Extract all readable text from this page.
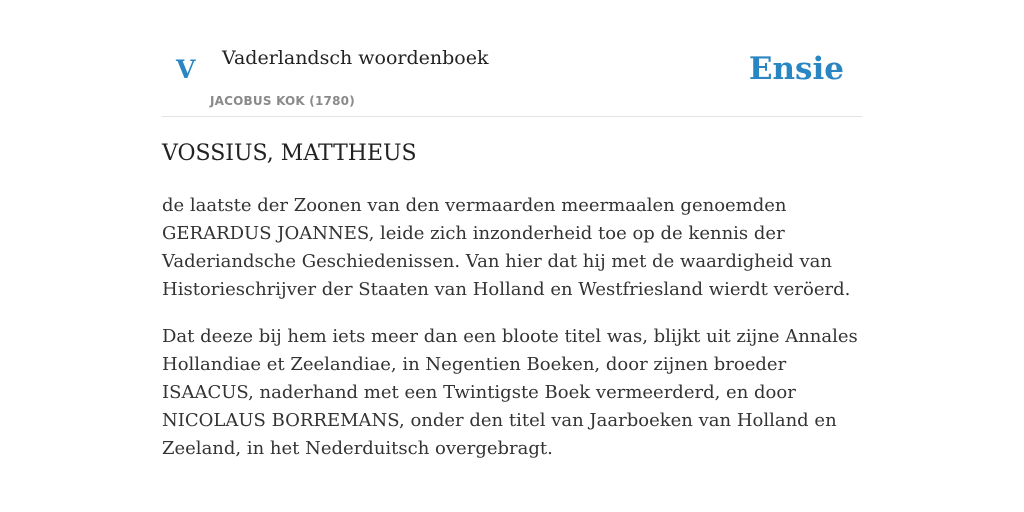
V Vaderlandsch woordenboek
JACOBUS KOK (1780)
Ensie
VOSSIUS, MATTHEUS

de laatste der Zoonen van den vermaarden meermaalen genoemden GERARDUS JOANNES, leide zich inzonderheid toe op de kennis der Vaderiandsche Geschiedenissen. Van hier dat hij met de waardigheid van Historieschrijver der Staaten van Holland en Westfriesland wierdt veröerd.

Dat deeze bij hem iets meer dan een bloote titel was, blijkt uit zijne Annales Hollandiae et Zeelandiae, in Negentien Boeken, door zijnen broeder ISAACUS, naderhand met een Twintigste Boek vermeerderd, en door NICOLAUS BORREMANS, onder den titel van Jaarboeken van Holland en Zeeland, in het Nederduitsch overgebragt.
